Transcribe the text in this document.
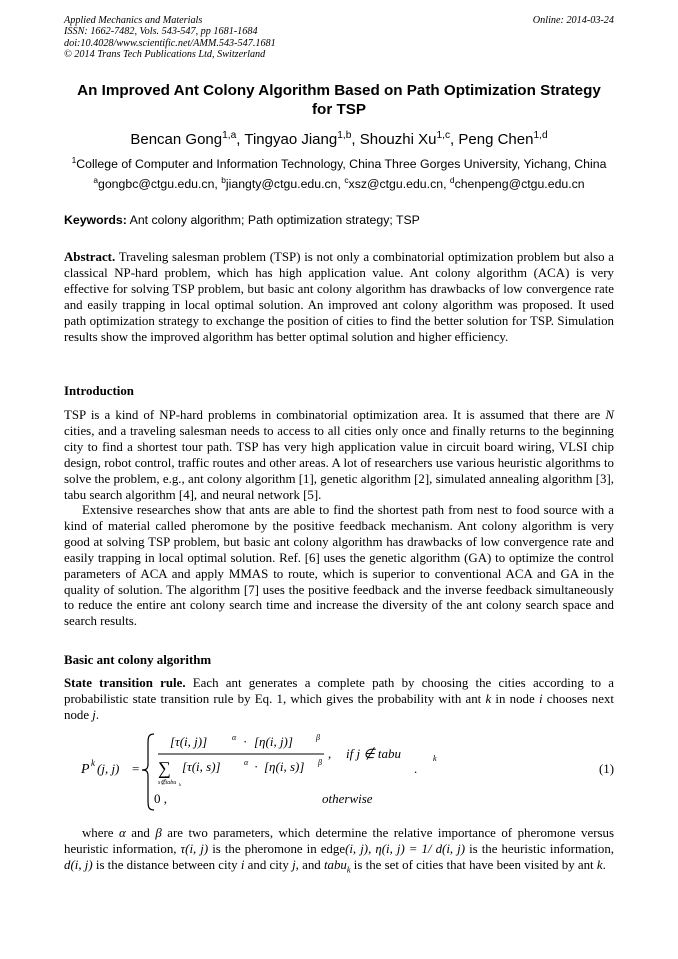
Applied Mechanics and Materials
ISSN: 1662-7482, Vols. 543-547, pp 1681-1684
doi:10.4028/www.scientific.net/AMM.543-547.1681
© 2014 Trans Tech Publications Ltd, Switzerland
Online: 2014-03-24
An Improved Ant Colony Algorithm Based on Path Optimization Strategy
for TSP
Bencan Gong$^{1,a}$, Tingyao Jiang$^{1,b}$, Shouzhi Xu$^{1,c}$, Peng Chen$^{1,d}$
$^1$College of Computer and Information Technology, China Three Gorges University, Yichang, China
$^a$gongbc@ctgu.edu.cn, $^b$jiangty@ctgu.edu.cn, $^c$xsz@ctgu.edu.cn, $^d$chenpeng@ctgu.edu.cn
Keywords: Ant colony algorithm; Path optimization strategy; TSP
Abstract. Traveling salesman problem (TSP) is not only a combinatorial optimization problem but also a classical NP-hard problem, which has high application value. Ant colony algorithm (ACA) is very effective for solving TSP problem, but basic ant colony algorithm has drawbacks of low convergence rate and easily trapping in local optimal solution. An improved ant colony algorithm was proposed. It used path optimization strategy to exchange the position of cities to find the better solution for TSP. Simulation results show the improved algorithm has better optimal solution and higher efficiency.
Introduction
TSP is a kind of NP-hard problems in combinatorial optimization area. It is assumed that there are N cities, and a traveling salesman needs to access to all cities only once and finally returns to the beginning city to find a shortest tour path. TSP has very high application value in circuit board wiring, VLSI chip design, robot control, traffic routes and other areas. A lot of researchers use various heuristic algorithms to solve the problem, e.g., ant colony algorithm [1], genetic algorithm [2], simulated annealing algorithm [3], tabu search algorithm [4], and neural network [5].
Extensive researches show that ants are able to find the shortest path from nest to food source with a kind of material called pheromone by the positive feedback mechanism. Ant colony algorithm is very good at solving TSP problem, but basic ant colony algorithm has drawbacks of low convergence rate and easily trapping in local optimal solution. Ref. [6] uses the genetic algorithm (GA) to optimize the control parameters of ACA and apply MMAS to route, which is superior to conventional ACA and GA in the quality of solution. The algorithm [7] uses the positive feedback and the inverse feedback simultaneously to reduce the entire ant colony search time and increase the diversity of the ant colony search space and search results.
Basic ant colony algorithm
State transition rule. Each ant generates a complete path by choosing the cities according to a probabilistic state transition rule by Eq. 1, which gives the probability with ant k in node i chooses next node j.
P k (j, j) =
[τ(i, j)]	α · [η(i, j)]	β
∑
s∉tabu k
[τ(i, s)]	α · [η(i, s)] β
, if j ∉ tabu	k
0 ,	otherwise
.	(1)
where α and β are two parameters, which determine the relative importance of pheromone versus heuristic information, τ(i, j) is the pheromone in edge(i, j), η(i, j) = 1/ d(i, j) is the heuristic information, d(i, j) is the distance between city i and city j, and tabu$_k$ is the set of cities that have been visited by ant k.
